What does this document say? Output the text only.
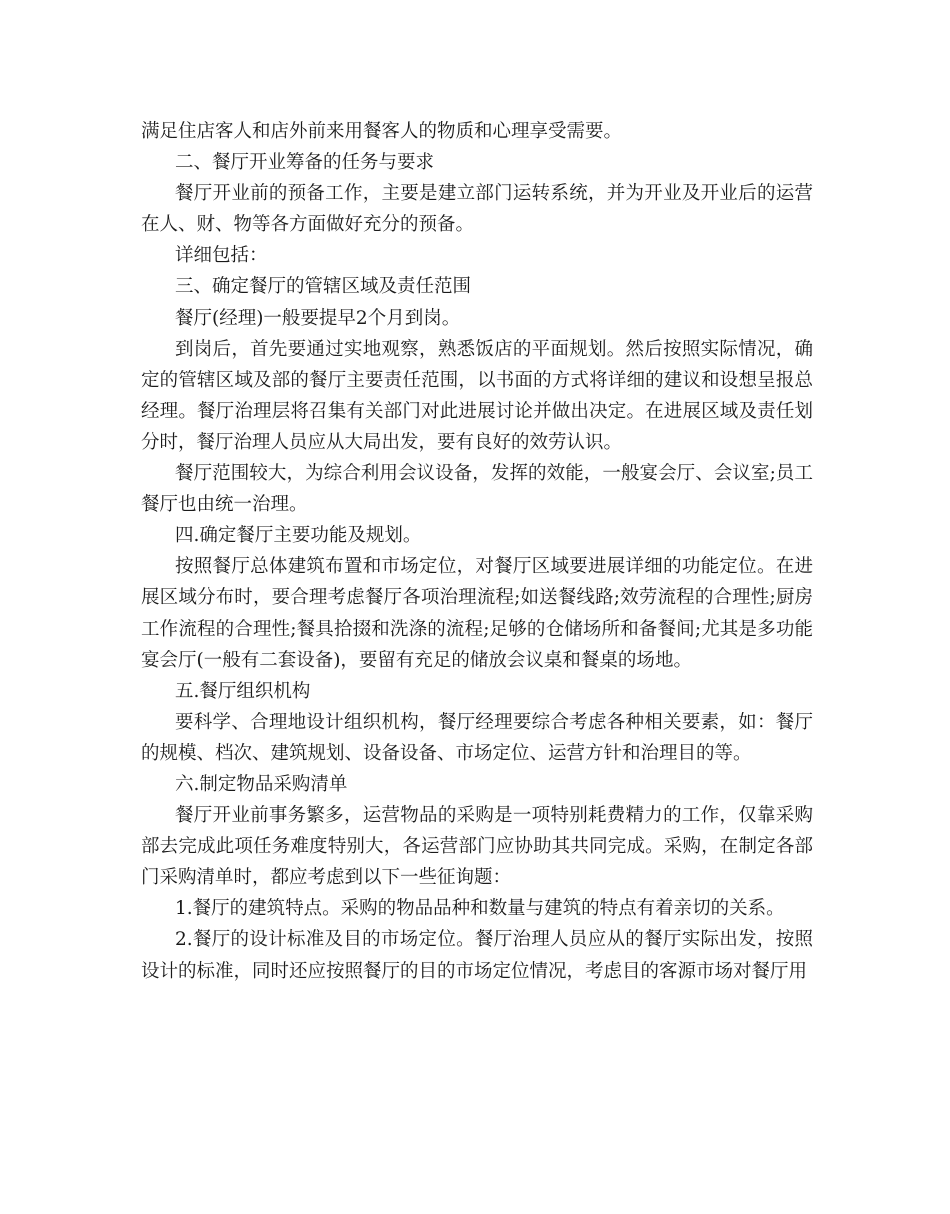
满足住店客人和店外前来用餐客人的物质和心理享受需要。

二、餐厅开业筹备的任务与要求

餐厅开业前的预备工作，主要是建立部门运转系统，并为开业及开业后的运营在人、财、物等各方面做好充分的预备。

详细包括：

三、确定餐厅的管辖区域及责任范围

餐厅(经理)一般要提早2个月到岗。

到岗后，首先要通过实地观察，熟悉饭店的平面规划。然后按照实际情况，确定的管辖区域及部的餐厅主要责任范围，以书面的方式将详细的建议和设想呈报总经理。餐厅治理层将召集有关部门对此进展讨论并做出决定。在进展区域及责任划分时，餐厅治理人员应从大局出发，要有良好的效劳认识。

餐厅范围较大，为综合利用会议设备，发挥的效能，一般宴会厅、会议室;员工餐厅也由统一治理。

四.确定餐厅主要功能及规划。

按照餐厅总体建筑布置和市场定位，对餐厅区域要进展详细的功能定位。在进展区域分布时，要合理考虑餐厅各项治理流程;如送餐线路;效劳流程的合理性;厨房工作流程的合理性;餐具拾掇和洗涤的流程;足够的仓储场所和备餐间;尤其是多功能宴会厅(一般有二套设备)，要留有充足的储放会议桌和餐桌的场地。

五.餐厅组织机构

要科学、合理地设计组织机构，餐厅经理要综合考虑各种相关要素，如：餐厅的规模、档次、建筑规划、设备设备、市场定位、运营方针和治理目的等。

六.制定物品采购清单

餐厅开业前事务繁多，运营物品的采购是一项特别耗费精力的工作，仅靠采购部去完成此项任务难度特别大，各运营部门应协助其共同完成。采购，在制定各部门采购清单时，都应考虑到以下一些征询题：

1.餐厅的建筑特点。采购的物品品种和数量与建筑的特点有着亲切的关系。

2.餐厅的设计标准及目的市场定位。餐厅治理人员应从的餐厅实际出发，按照设计的标准，同时还应按照餐厅的目的市场定位情况，考虑目的客源市场对餐厅用
